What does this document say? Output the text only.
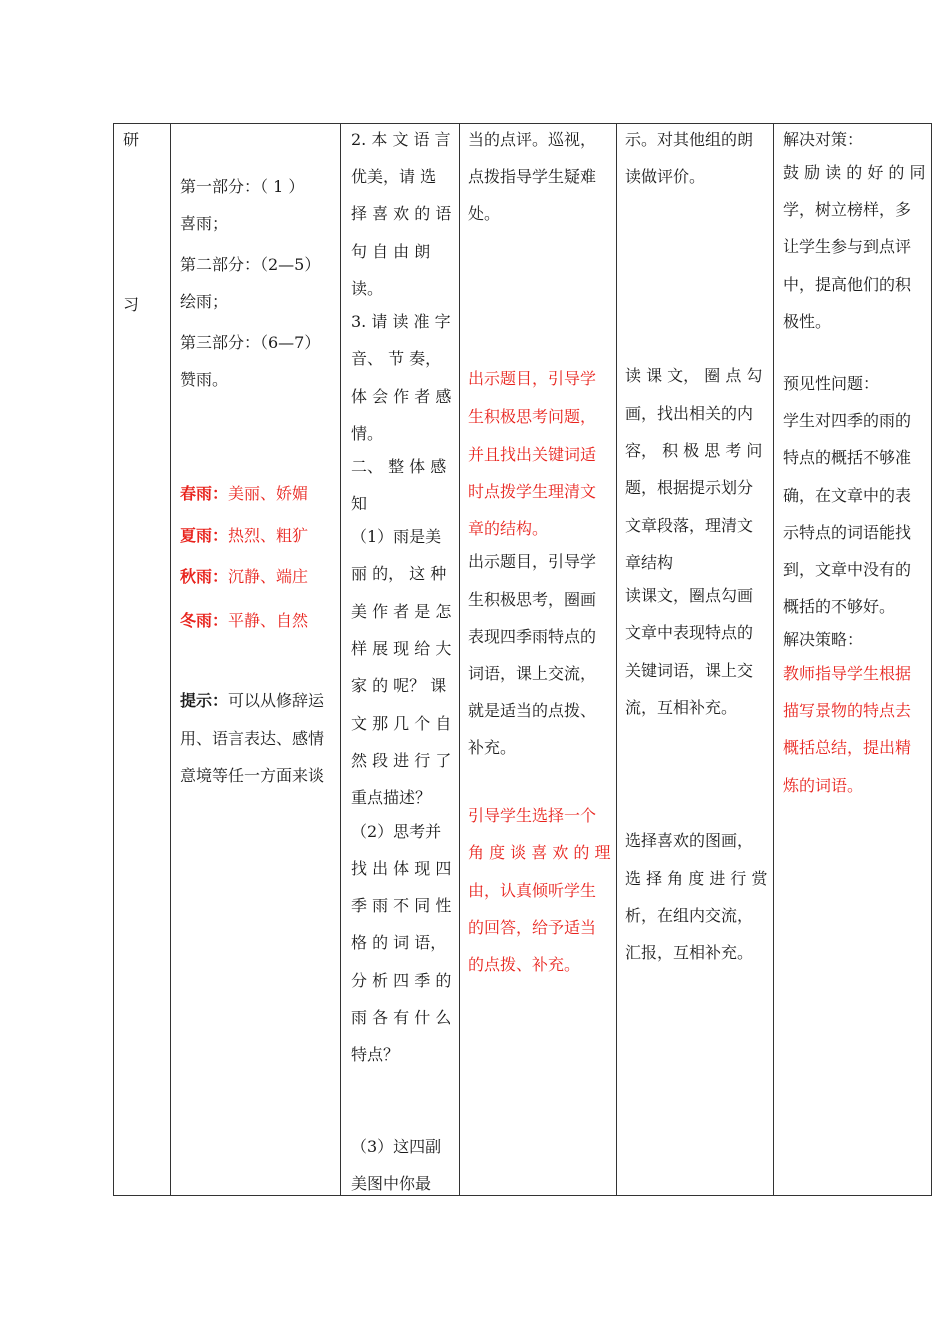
研
习
第一部分：（ 1 ）
喜雨；
第二部分：（2—5）
绘雨；
第三部分：（6—7）
赞雨。
春雨：美丽、娇媚
夏雨：热烈、粗犷
秋雨：沉静、端庄
冬雨：平静、自然
提示：可以从修辞运
用、语言表达、感情
意境等任一方面来谈
2. 本 文 语 言
优美，请 选
择 喜 欢 的 语
句 自 由 朗
读。
3. 请 读 准 字
音、 节 奏，
体 会 作 者 感
情。
二、 整 体 感
知
（1）雨是美
丽 的， 这 种
美 作 者 是 怎
样 展 现 给 大
家 的 呢？ 课
文 那 几 个 自
然 段 进 行 了
重点描述？
（2）思考并
找 出 体 现 四
季 雨 不 同 性
格 的 词 语，
分 析 四 季 的
雨 各 有 什 么
特点？
（3）这四副
美图中你最
当的点评。巡视，
点拨指导学生疑难
处。
出示题目，引导学
生积极思考问题，
并且找出关键词适
时点拨学生理清文
章的结构。
出示题目，引导学
生积极思考，圈画
表现四季雨特点的
词语，课上交流，
就是适当的点拨、
补充。
引导学生选择一个
角 度 谈 喜 欢 的 理
由，认真倾听学生
的回答，给予适当
的点拨、补充。
示。对其他组的朗
读做评价。
读 课 文， 圈 点 勾
画，找出相关的内
容， 积 极 思 考 问
题，根据提示划分
文章段落，理清文
章结构
读课文，圈点勾画
文章中表现特点的
关键词语，课上交
流，互相补充。
选择喜欢的图画，
选 择 角 度 进 行 赏
析，在组内交流，
汇报，互相补充。
解决对策：
鼓 励 读 的 好 的 同
学，树立榜样，多
让学生参与到点评
中，提高他们的积
极性。
预见性问题：
学生对四季的雨的
特点的概括不够准
确，在文章中的表
示特点的词语能找
到，文章中没有的
概括的不够好。
解决策略：
教师指导学生根据
描写景物的特点去
概括总结，提出精
炼的词语。
